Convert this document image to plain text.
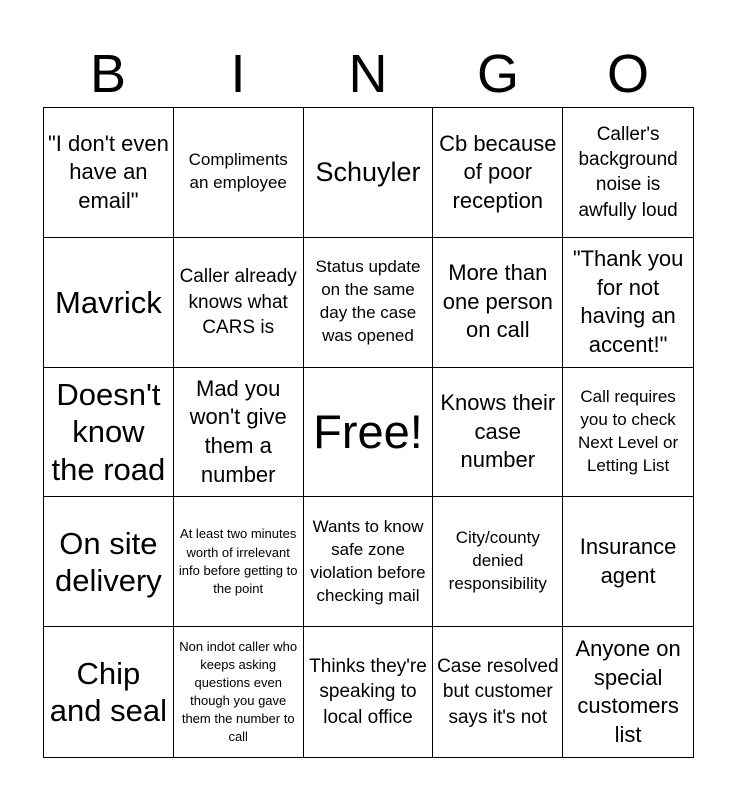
B	I	N	G	O
"I don't even have an email"
Compliments an employee	Schuyler
Cb because of poor reception
Caller's background noise is awfully loud
Mavrick
Caller already knows what CARS is
Status update on the same day the case was opened
More than one person on call
"Thank you for not having an accent!"
Doesn't know the road
Mad you won't give them a number
Free!
Knows their case number
Call requires you to check Next Level or Letting List
On site delivery
At least two minutes worth of irrelevant info before getting to the point
Wants to know safe zone violation before checking mail
City/county denied responsibility
Insurance agent
Chip and seal
Non indot caller who keeps asking questions even though you gave them the number to call
Thinks they're speaking to local office
Case resolved but customer says it's not
Anyone on special customers list
